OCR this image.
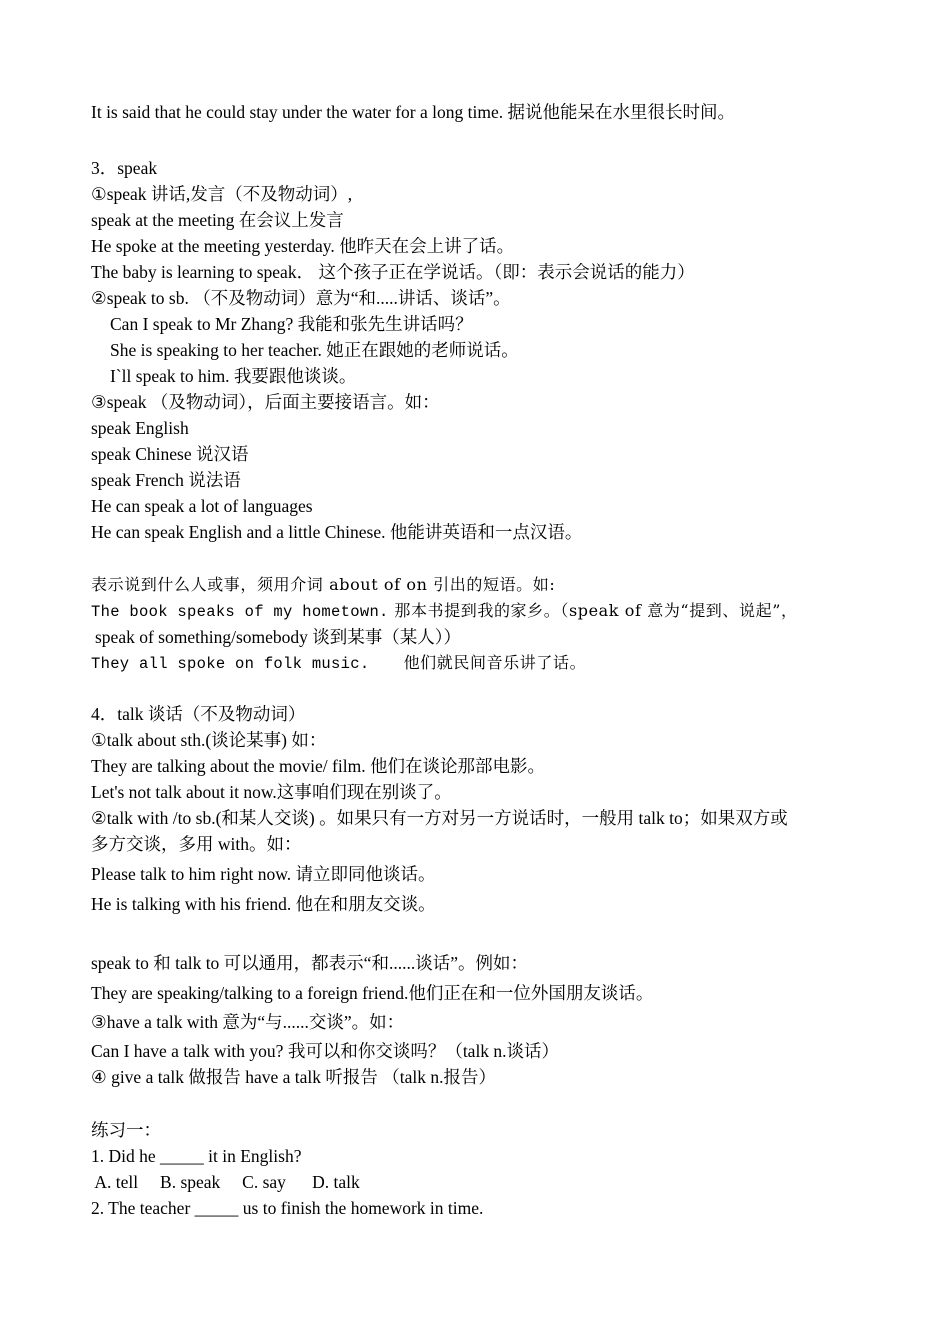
It is said that he could stay under the water for a long time. 据说他能呆在水里很长时间。
3．speak
①speak 讲话,发言（不及物动词）,
speak at the meeting 在会议上发言
He spoke at the meeting yesterday. 他昨天在会上讲了话。
The baby is learning to speak． 这个孩子正在学说话。（即：表示会说话的能力）
②speak to sb. （不及物动词）意为“和.....讲话、谈话”。
Can I speak to Mr Zhang? 我能和张先生讲话吗？
She is speaking to her teacher. 她正在跟她的老师说话。
I`ll speak to him. 我要跟他谈谈。
③speak （及物动词），后面主要接语言。如：
speak English
speak Chinese 说汉语
speak French 说法语
He can speak a lot of languages
He can speak English and a little Chinese. 他能讲英语和一点汉语。
表示说到什么人或事，须用介词 about of on 引出的短语。如:
The book speaks of my hometown. 那本书提到我的家乡。（speak of 意为“提到、说起”，
speak of something/somebody 谈到某事（某人））
They all spoke on folk music.      他们就民间音乐讲了话。
4．talk 谈话（不及物动词）
①talk about sth.(谈论某事) 如：
They are talking about the movie/ film. 他们在谈论那部电影。
Let's not talk about it now.这事咱们现在别谈了。
②talk with /to sb.(和某人交谈) 。如果只有一方对另一方说话时，一般用 talk to；如果双方或
多方交谈，多用 with。如：
Please talk to him right now. 请立即同他谈话。
He is talking with his friend. 他在和朋友交谈。
speak to 和 talk to 可以通用，都表示“和......谈话”。例如：
They are speaking/talking to a foreign friend.他们正在和一位外国朋友谈话。
③have a talk with 意为“与......交谈”。如：
Can I have a talk with you? 我可以和你交谈吗？（talk n.谈话）
④ give a talk 做报告 have a talk 听报告 （talk n.报告）
练习一：
1. Did he _____ it in English?
A. tell     B. speak     C. say      D. talk
2. The teacher _____ us to finish the homework in time.
